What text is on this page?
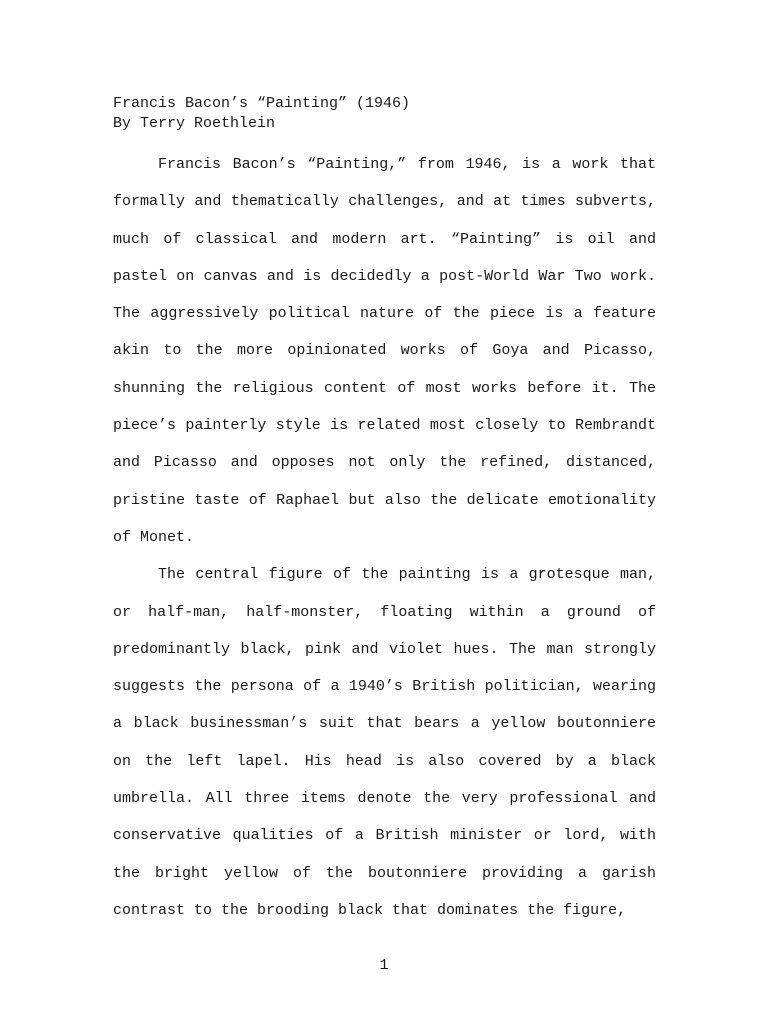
Francis Bacon’s “Painting” (1946)
By Terry Roethlein

Francis Bacon’s “Painting,” from 1946, is a work that formally and thematically challenges, and at times subverts, much of classical and modern art. “Painting” is oil and pastel on canvas and is decidedly a post-World War Two work. The aggressively political nature of the piece is a feature akin to the more opinionated works of Goya and Picasso, shunning the religious content of most works before it. The piece’s painterly style is related most closely to Rembrandt and Picasso and opposes not only the refined, distanced, pristine taste of Raphael but also the delicate emotionality of Monet.

The central figure of the painting is a grotesque man, or half-man, half-monster, floating within a ground of predominantly black, pink and violet hues. The man strongly suggests the persona of a 1940’s British politician, wearing a black businessman’s suit that bears a yellow boutonniere on the left lapel. His head is also covered by a black umbrella. All three items denote the very professional and conservative qualities of a British minister or lord, with the bright yellow of the boutonniere providing a garish contrast to the brooding black that dominates the figure,

1
